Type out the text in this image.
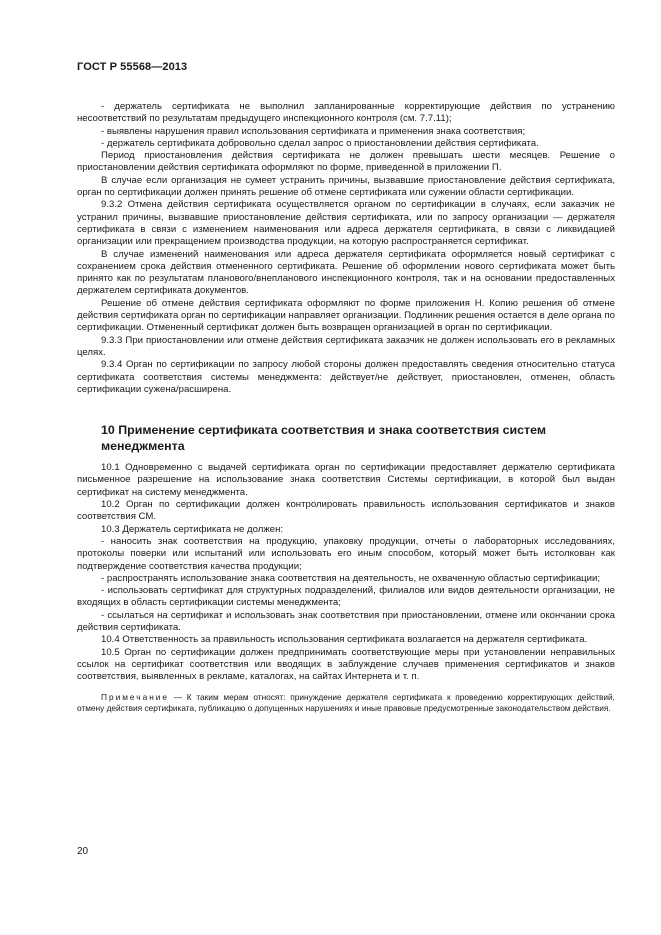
ГОСТ Р 55568—2013

- держатель сертификата не выполнил запланированные корректирующие действия по устранению несоответствий по результатам предыдущего инспекционного контроля (см. 7.7.11);

- выявлены нарушения правил использования сертификата и применения знака соответствия;

- держатель сертификата добровольно сделал запрос о приостановлении действия сертификата.

Период приостановления действия сертификата не должен превышать шести месяцев. Решение о приостановлении действия сертификата оформляют по форме, приведенной в приложении П.

В случае если организация не сумеет устранить причины, вызвавшие приостановление действия сертификата, орган по сертификации должен принять решение об отмене сертификата или сужении области сертификации.

9.3.2 Отмена действия сертификата осуществляется органом по сертификации в случаях, если заказчик не устранил причины, вызвавшие приостановление действия сертификата, или по запросу организации — держателя сертификата в связи с изменением наименования или адреса держателя сертификата, в связи с ликвидацией организации или прекращением производства продукции, на которую распространяется сертификат.

В случае изменений наименования или адреса держателя сертификата оформляется новый сертификат с сохранением срока действия отмененного сертификата. Решение об оформлении нового сертификата может быть принято как по результатам планового/внепланового инспекционного контроля, так и на основании предоставленных держателем сертификата документов.

Решение об отмене действия сертификата оформляют по форме приложения Н. Копию решения об отмене действия сертификата орган по сертификации направляет организации. Подлинник решения остается в деле органа по сертификации. Отмененный сертификат должен быть возвращен организацией в орган по сертификации.

9.3.3 При приостановлении или отмене действия сертификата заказчик не должен использовать его в рекламных целях.

9.3.4 Орган по сертификации по запросу любой стороны должен предоставлять сведения относительно статуса сертификата соответствия системы менеджмента: действует/не действует, приостановлен, отменен, область сертификации сужена/расширена.

10 Применение сертификата соответствия и знака соответствия систем менеджмента

10.1 Одновременно с выдачей сертификата орган по сертификации предоставляет держателю сертификата письменное разрешение на использование знака соответствия Системы сертификации, в которой был выдан сертификат на систему менеджмента.

10.2 Орган по сертификации должен контролировать правильность использования сертификатов и знаков соответствия СМ.

10.3 Держатель сертификата не должен:

- наносить знак соответствия на продукцию, упаковку продукции, отчеты о лабораторных исследованиях, протоколы поверки или испытаний или использовать его иным способом, который может быть истолкован как подтверждение соответствия качества продукции;

- распространять использование знака соответствия на деятельность, не охваченную областью сертификации;

- использовать сертификат для структурных подразделений, филиалов или видов деятельности организации, не входящих в область сертификации системы менеджмента;

- ссылаться на сертификат и использовать знак соответствия при приостановлении, отмене или окончании срока действия сертификата.

10.4 Ответственность за правильность использования сертификата возлагается на держателя сертификата.

10.5 Орган по сертификации должен предпринимать соответствующие меры при установлении неправильных ссылок на сертификат соответствия или вводящих в заблуждение случаев применения сертификатов и знаков соответствия, выявленных в рекламе, каталогах, на сайтах Интернета и т. п.

Примечание — К таким мерам относят: принуждение держателя сертификата к проведению корректирующих действий, отмену действия сертификата, публикацию о допущенных нарушениях и иные правовые предусмотренные законодательством действия.

20
